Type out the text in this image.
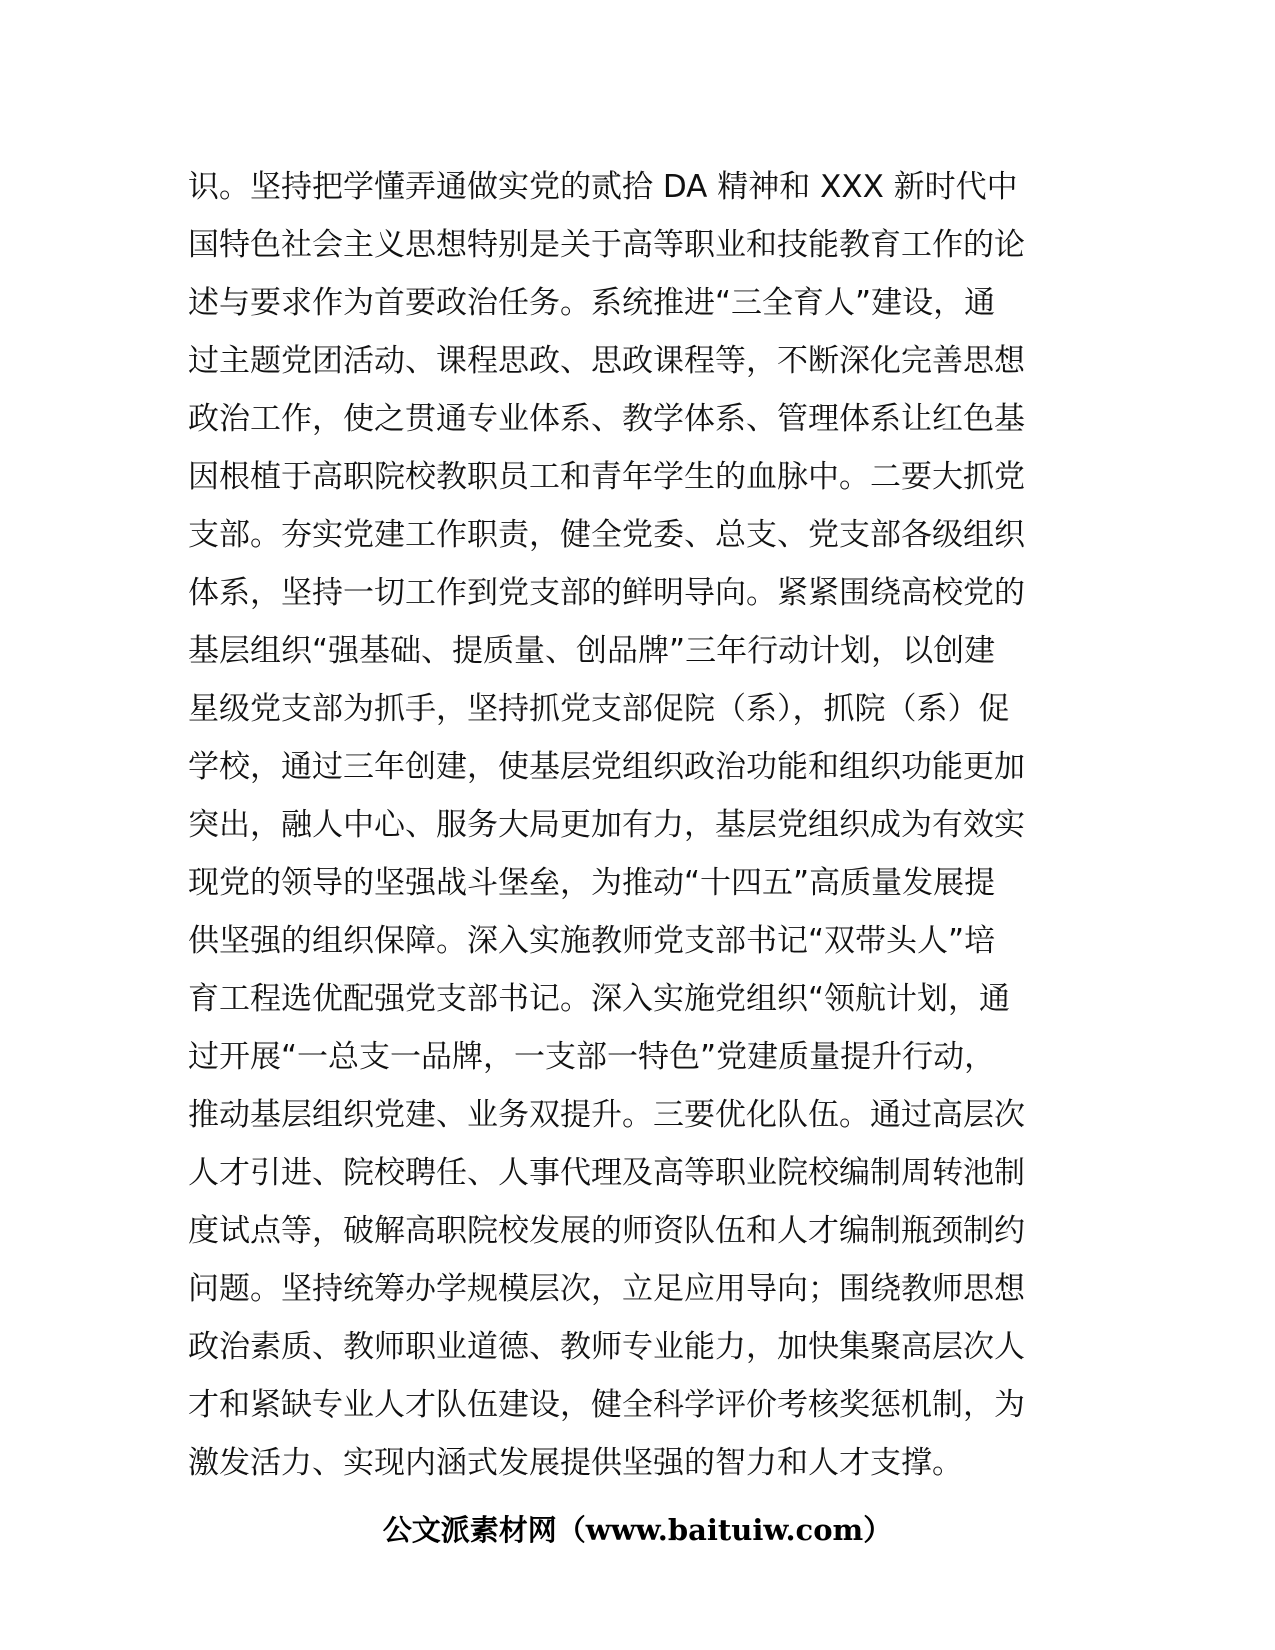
识。坚持把学懂弄通做实党的贰拾 DA 精神和 XXX 新时代中
国特色社会主义思想特别是关于高等职业和技能教育工作的论
述与要求作为首要政治任务。系统推进“三全育人”建设，通
过主题党团活动、课程思政、思政课程等，不断深化完善思想
政治工作，使之贯通专业体系、教学体系、管理体系让红色基
因根植于高职院校教职员工和青年学生的血脉中。二要大抓党
支部。夯实党建工作职责，健全党委、总支、党支部各级组织
体系，坚持一切工作到党支部的鲜明导向。紧紧围绕高校党的
基层组织“强基础、提质量、创品牌”三年行动计划，以创建
星级党支部为抓手，坚持抓党支部促院（系），抓院（系）促
学校，通过三年创建，使基层党组织政治功能和组织功能更加
突出，融人中心、服务大局更加有力，基层党组织成为有效实
现党的领导的坚强战斗堡垒，为推动“十四五”高质量发展提
供坚强的组织保障。深入实施教师党支部书记“双带头人”培
育工程选优配强党支部书记。深入实施党组织“领航计划，通
过开展“一总支一品牌，一支部一特色”党建质量提升行动，
推动基层组织党建、业务双提升。三要优化队伍。通过高层次
人才引进、院校聘任、人事代理及高等职业院校编制周转池制
度试点等，破解高职院校发展的师资队伍和人才编制瓶颈制约
问题。坚持统筹办学规模层次，立足应用导向；围绕教师思想
政治素质、教师职业道德、教师专业能力，加快集聚高层次人
才和紧缺专业人才队伍建设，健全科学评价考核奖惩机制，为
激发活力、实现内涵式发展提供坚强的智力和人才支撑。
公文派素材网（www.baituiw.com）
